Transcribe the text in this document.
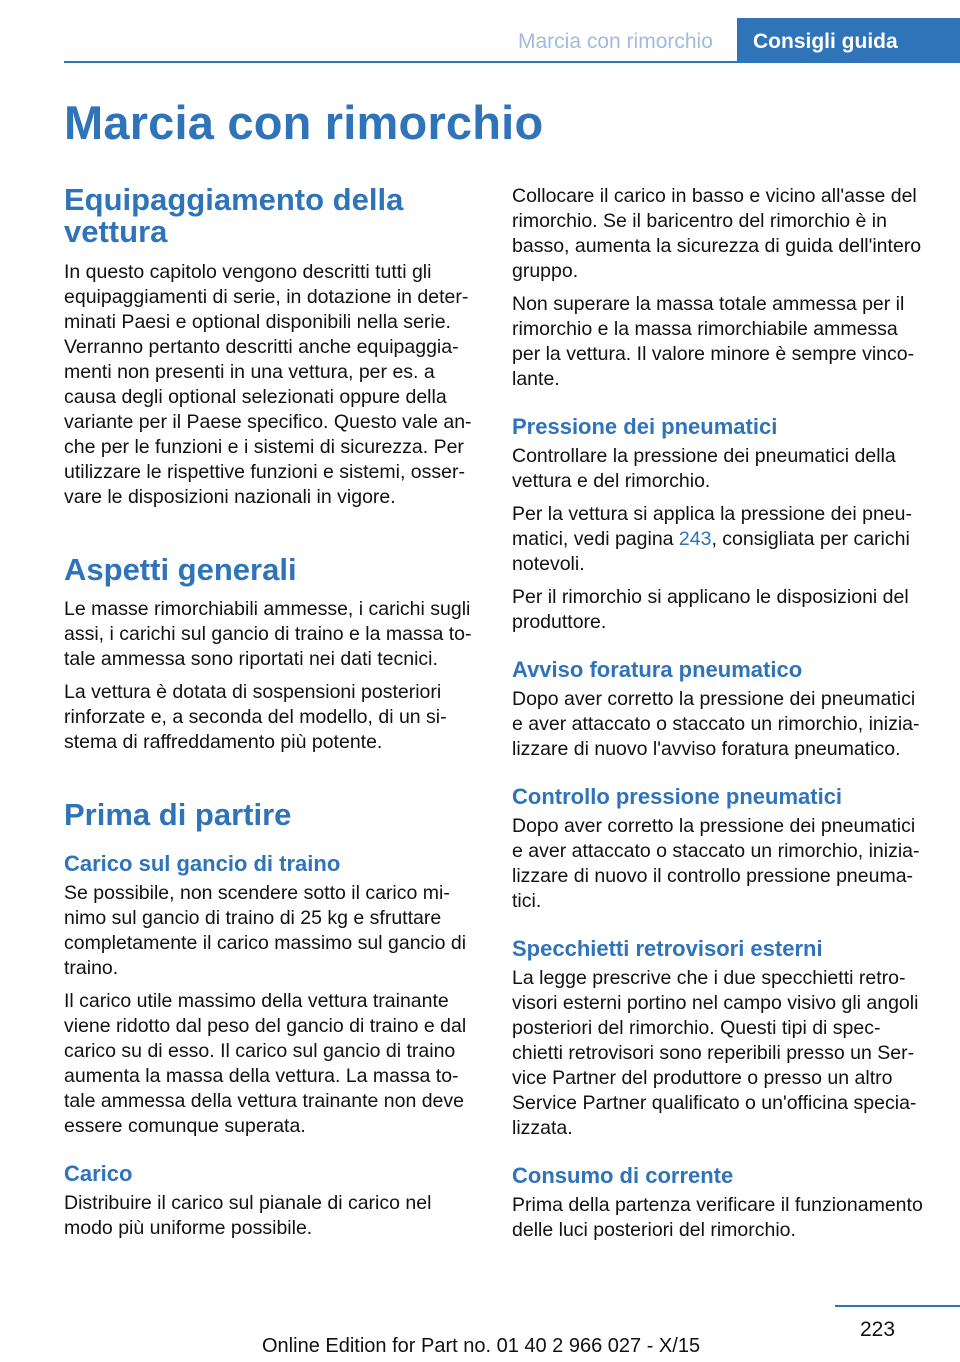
Marcia con rimorchio	Consigli guida
Marcia con rimorchio
Equipaggiamento della vettura

In questo capitolo vengono descritti tutti gli equipaggiamenti di serie, in dotazione in deter-minati Paesi e optional disponibili nella serie. Verranno pertanto descritti anche equipaggia-menti non presenti in una vettura, per es. a causa degli optional selezionati oppure della variante per il Paese specifico. Questo vale an-che per le funzioni e i sistemi di sicurezza. Per utilizzare le rispettive funzioni e sistemi, osser-vare le disposizioni nazionali in vigore.

Aspetti generali

Le masse rimorchiabili ammesse, i carichi sugli assi, i carichi sul gancio di traino e la massa to-tale ammessa sono riportati nei dati tecnici.

La vettura è dotata di sospensioni posteriori rinforzate e, a seconda del modello, di un si-stema di raffreddamento più potente.

Prima di partire
Carico sul gancio di traino

Se possibile, non scendere sotto il carico mi-nimo sul gancio di traino di 25 kg e sfruttare completamente il carico massimo sul gancio di traino.

Il carico utile massimo della vettura trainante viene ridotto dal peso del gancio di traino e dal carico su di esso. Il carico sul gancio di traino aumenta la massa della vettura. La massa to-tale ammessa della vettura trainante non deve essere comunque superata.

Carico

Distribuire il carico sul pianale di carico nel modo più uniforme possibile.

Collocare il carico in basso e vicino all'asse del rimorchio. Se il baricentro del rimorchio è in basso, aumenta la sicurezza di guida dell'intero gruppo.

Non superare la massa totale ammessa per il rimorchio e la massa rimorchiabile ammessa per la vettura. Il valore minore è sempre vinco-lante.

Pressione dei pneumatici

Controllare la pressione dei pneumatici della vettura e del rimorchio.

Per la vettura si applica la pressione dei pneu-matici, vedi pagina 243, consigliata per carichi notevoli.

Per il rimorchio si applicano le disposizioni del produttore.

Avviso foratura pneumatico

Dopo aver corretto la pressione dei pneumatici e aver attaccato o staccato un rimorchio, inizia-lizzare di nuovo l'avviso foratura pneumatico.

Controllo pressione pneumatici

Dopo aver corretto la pressione dei pneumatici e aver attaccato o staccato un rimorchio, inizia-lizzare di nuovo il controllo pressione pneuma-tici.

Specchietti retrovisori esterni

La legge prescrive che i due specchietti retro-visori esterni portino nel campo visivo gli angoli posteriori del rimorchio. Questi tipi di spec-chietti retrovisori sono reperibili presso un Ser-vice Partner del produttore o presso un altro Service Partner qualificato o un'officina specia-lizzata.

Consumo di corrente

Prima della partenza verificare il funzionamento delle luci posteriori del rimorchio.

223
Online Edition for Part no. 01 40 2 966 027 - X/15
